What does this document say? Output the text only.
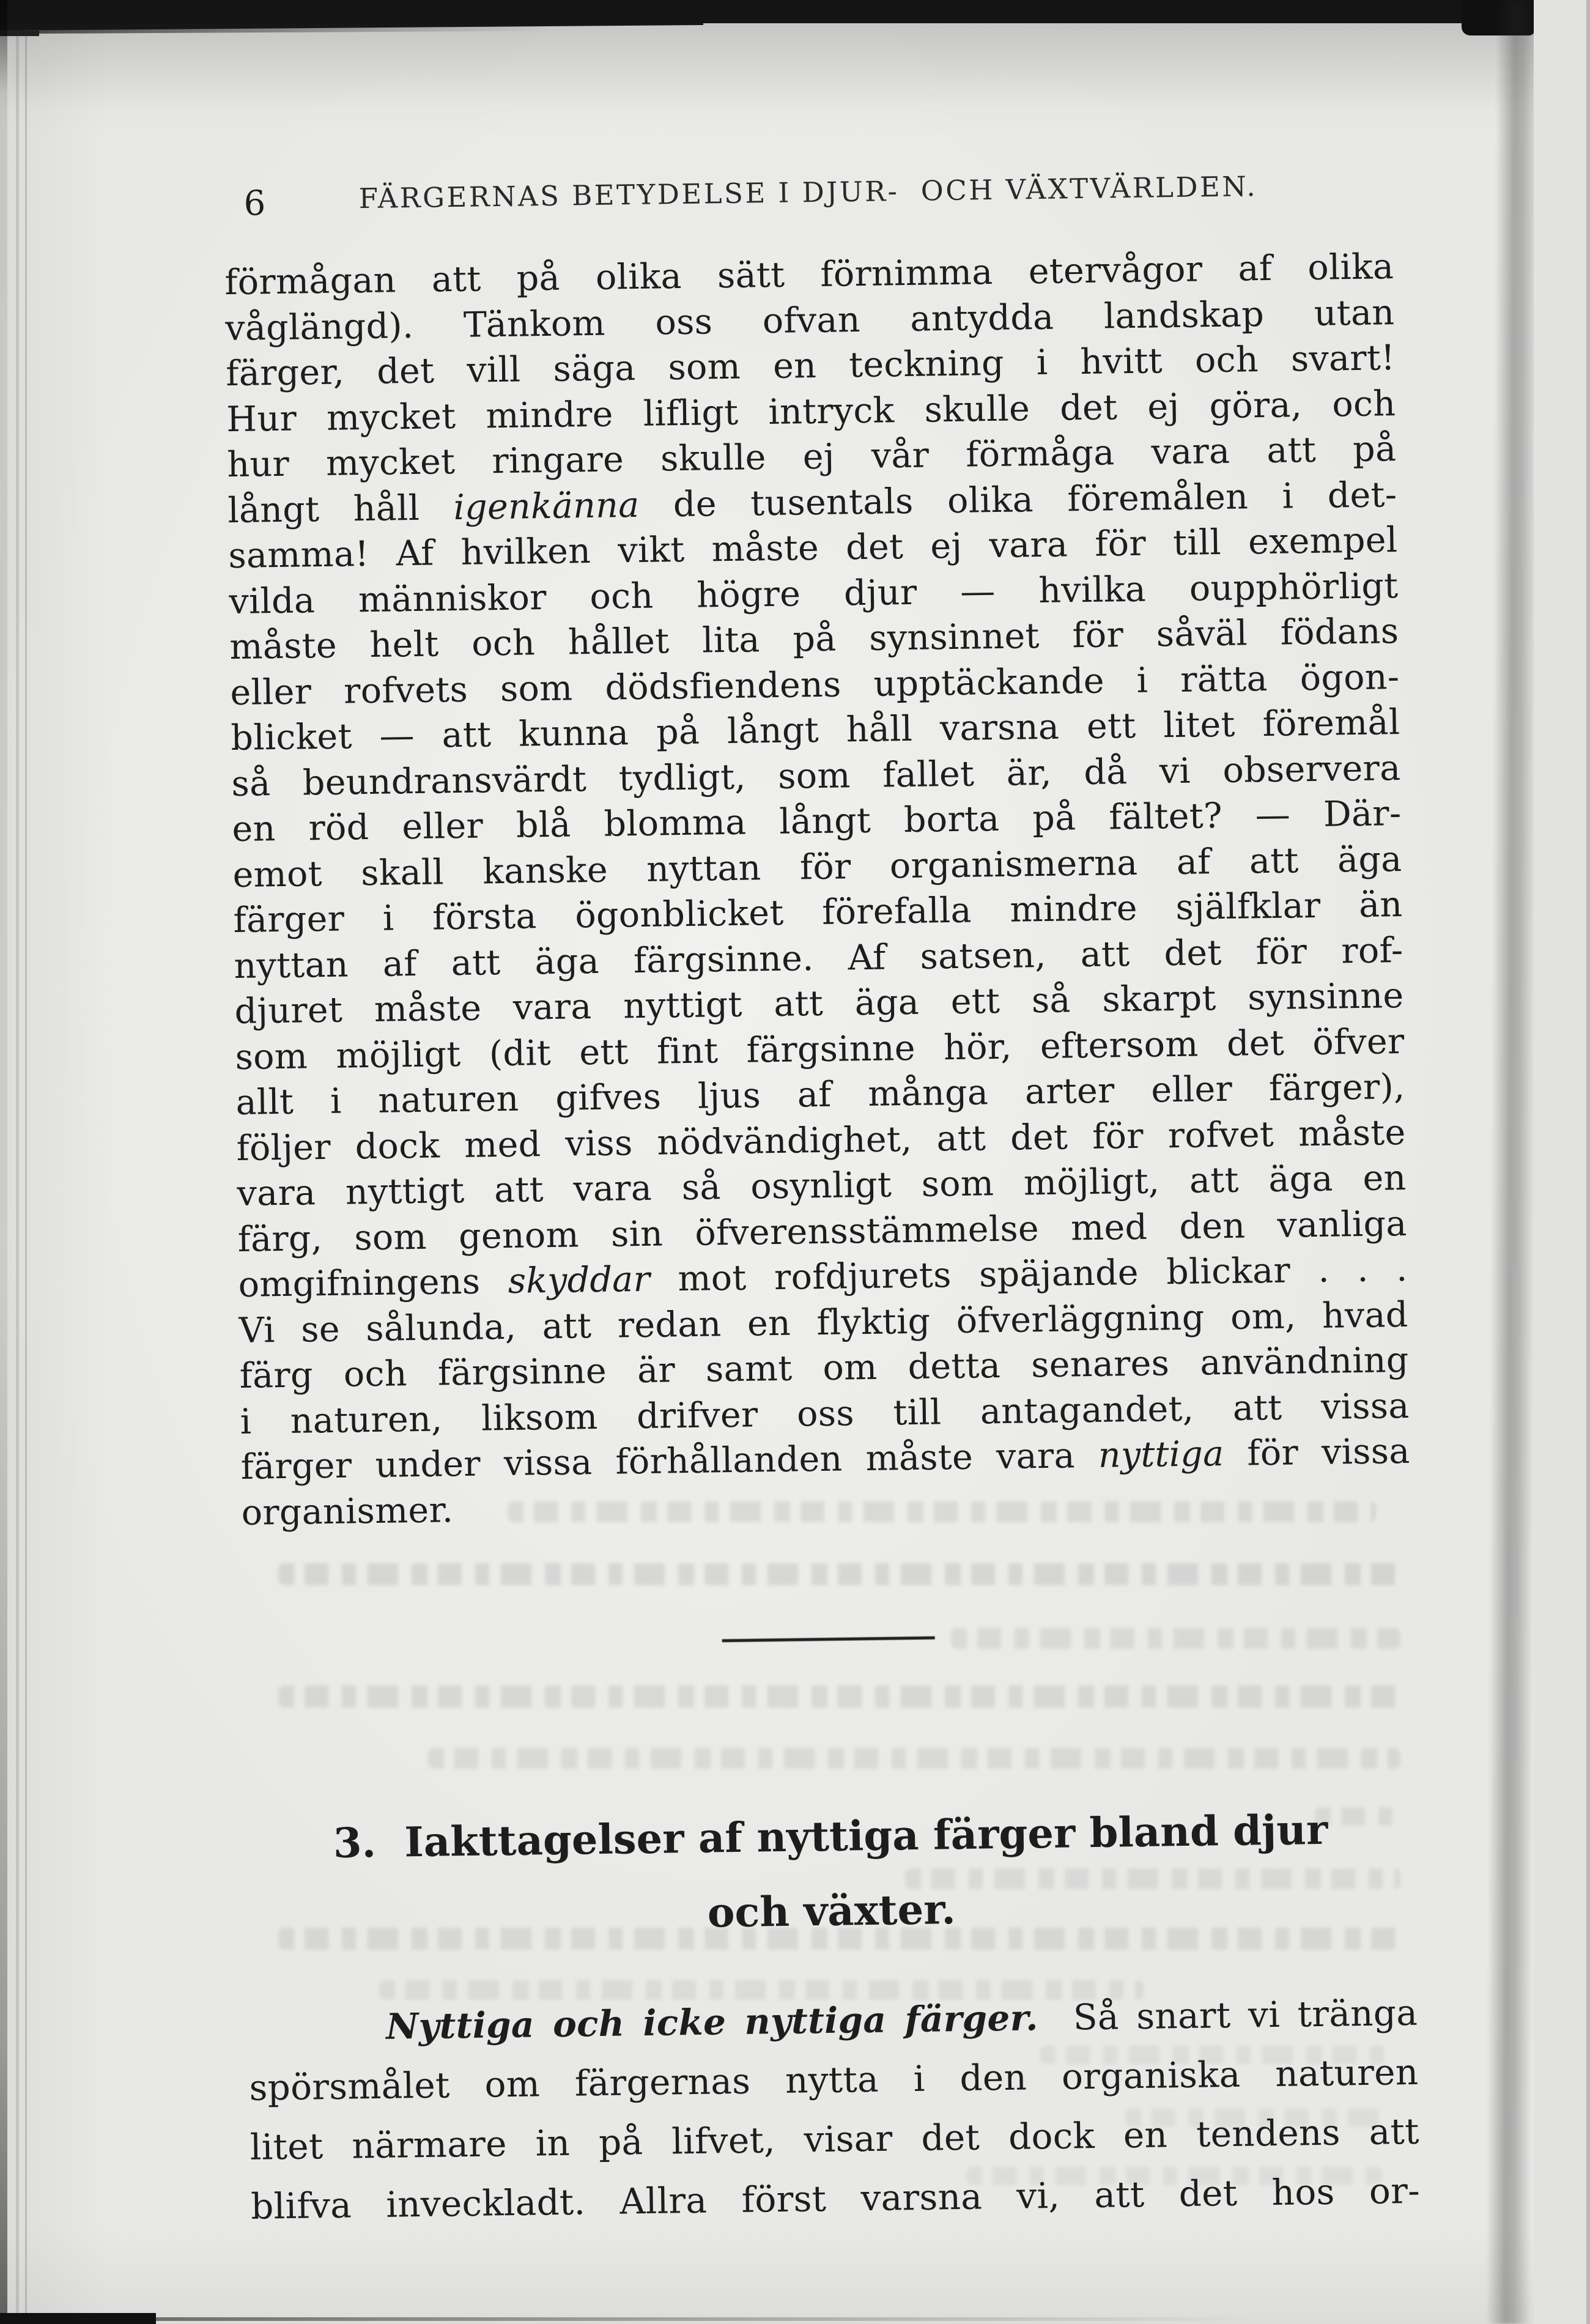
6	FÄRGERNAS BETYDELSE I DJUR-  OCH VÄXTVÄRLDEN.
förmågan att på olika sätt förnimma etervågor af olika
våglängd). Tänkom oss ofvan antydda landskap utan
färger, det vill säga som en teckning i hvitt och svart!
Hur mycket mindre lifligt intryck skulle det ej göra, och
hur mycket ringare skulle ej vår förmåga vara att på
långt håll igenkänna de tusentals olika föremålen i det-
samma! Af hvilken vikt måste det ej vara för till exempel
vilda människor och högre djur — hvilka oupphörligt
måste helt och hållet lita på synsinnet för såväl födans
eller rofvets som dödsfiendens upptäckande i rätta ögon-
blicket — att kunna på långt håll varsna ett litet föremål
så beundransvärdt tydligt, som fallet är, då vi observera
en röd eller blå blomma långt borta på fältet? — Där-
emot skall kanske nyttan för organismerna af att äga
färger i första ögonblicket förefalla mindre själfklar än
nyttan af att äga färgsinne. Af satsen, att det för rof-
djuret måste vara nyttigt att äga ett så skarpt synsinne
som möjligt (dit ett fint färgsinne hör, eftersom det öfver
allt i naturen gifves ljus af många arter eller färger),
följer dock med viss nödvändighet, att det för rofvet måste
vara nyttigt att vara så osynligt som möjligt, att äga en
färg, som genom sin öfverensstämmelse med den vanliga
omgifningens skyddar mot rofdjurets späjande blickar . . .
Vi se sålunda, att redan en flyktig öfverläggning om, hvad
färg och färgsinne är samt om detta senares användning
i naturen, liksom drifver oss till antagandet, att vissa
färger under vissa förhållanden måste vara nyttiga för vissa
organismer.
3.  Iakttagelser af nyttiga färger bland djur
och växter.
Nyttiga och icke nyttiga färger.  Så snart vi tränga
spörsmålet om färgernas nytta i den organiska naturen
litet närmare in på lifvet, visar det dock en tendens att
blifva inveckladt. Allra först varsna vi, att det hos or-
